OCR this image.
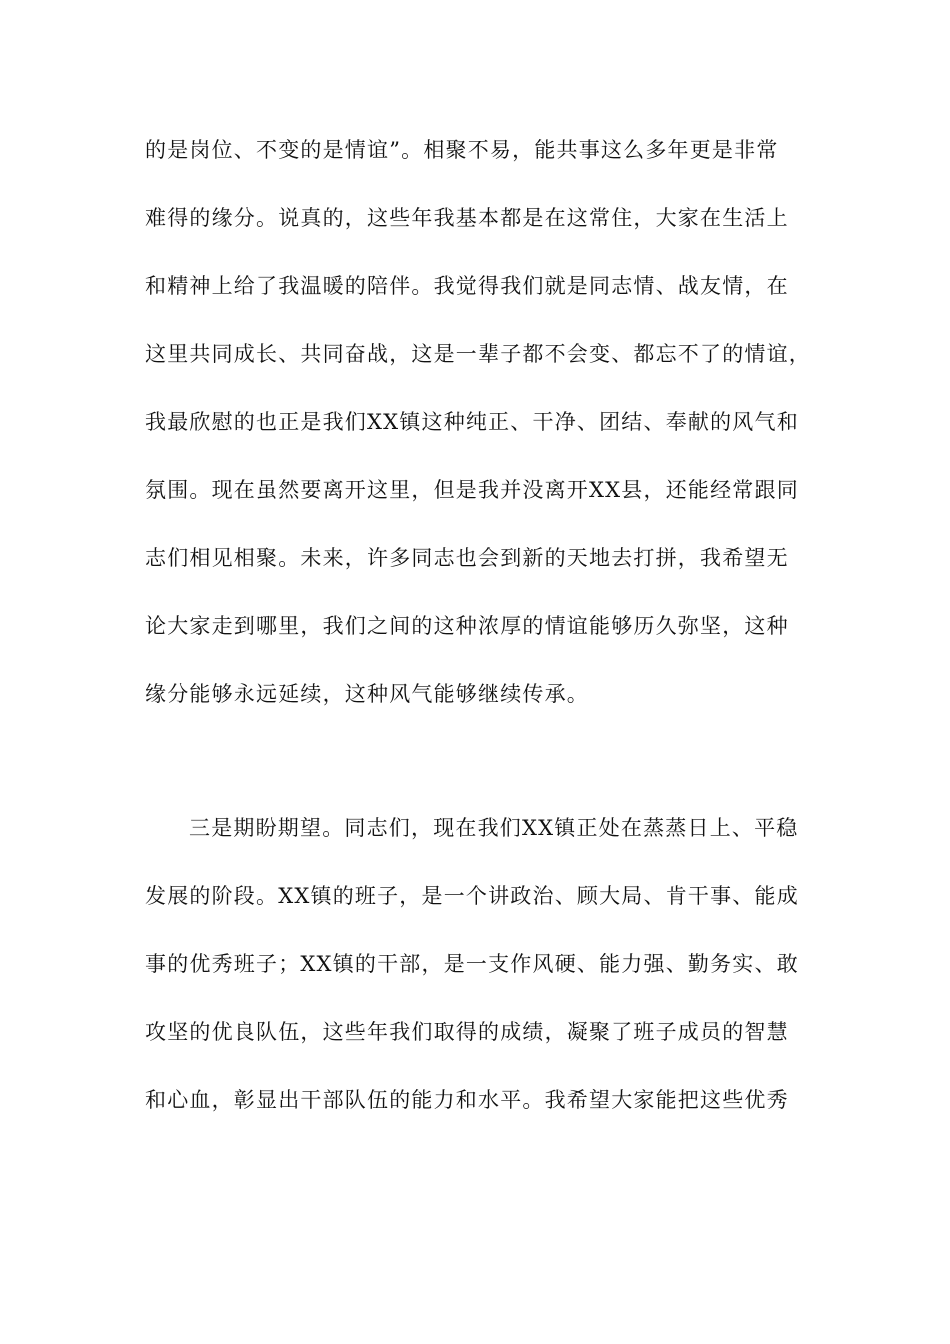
的是岗位、不变的是情谊”。相聚不易，能共事这么多年更是非常
难得的缘分。说真的，这些年我基本都是在这常住，大家在生活上
和精神上给了我温暖的陪伴。我觉得我们就是同志情、战友情，在
这里共同成长、共同奋战，这是一辈子都不会变、都忘不了的情谊，
我最欣慰的也正是我们XX镇这种纯正、干净、团结、奉献的风气和
氛围。现在虽然要离开这里，但是我并没离开XX县，还能经常跟同
志们相见相聚。未来，许多同志也会到新的天地去打拼，我希望无
论大家走到哪里，我们之间的这种浓厚的情谊能够历久弥坚，这种
缘分能够永远延续，这种风气能够继续传承。
三是期盼期望。同志们，现在我们XX镇正处在蒸蒸日上、平稳
发展的阶段。XX镇的班子，是一个讲政治、顾大局、肯干事、能成
事的优秀班子；XX镇的干部，是一支作风硬、能力强、勤务实、敢
攻坚的优良队伍，这些年我们取得的成绩，凝聚了班子成员的智慧
和心血，彰显出干部队伍的能力和水平。我希望大家能把这些优秀
